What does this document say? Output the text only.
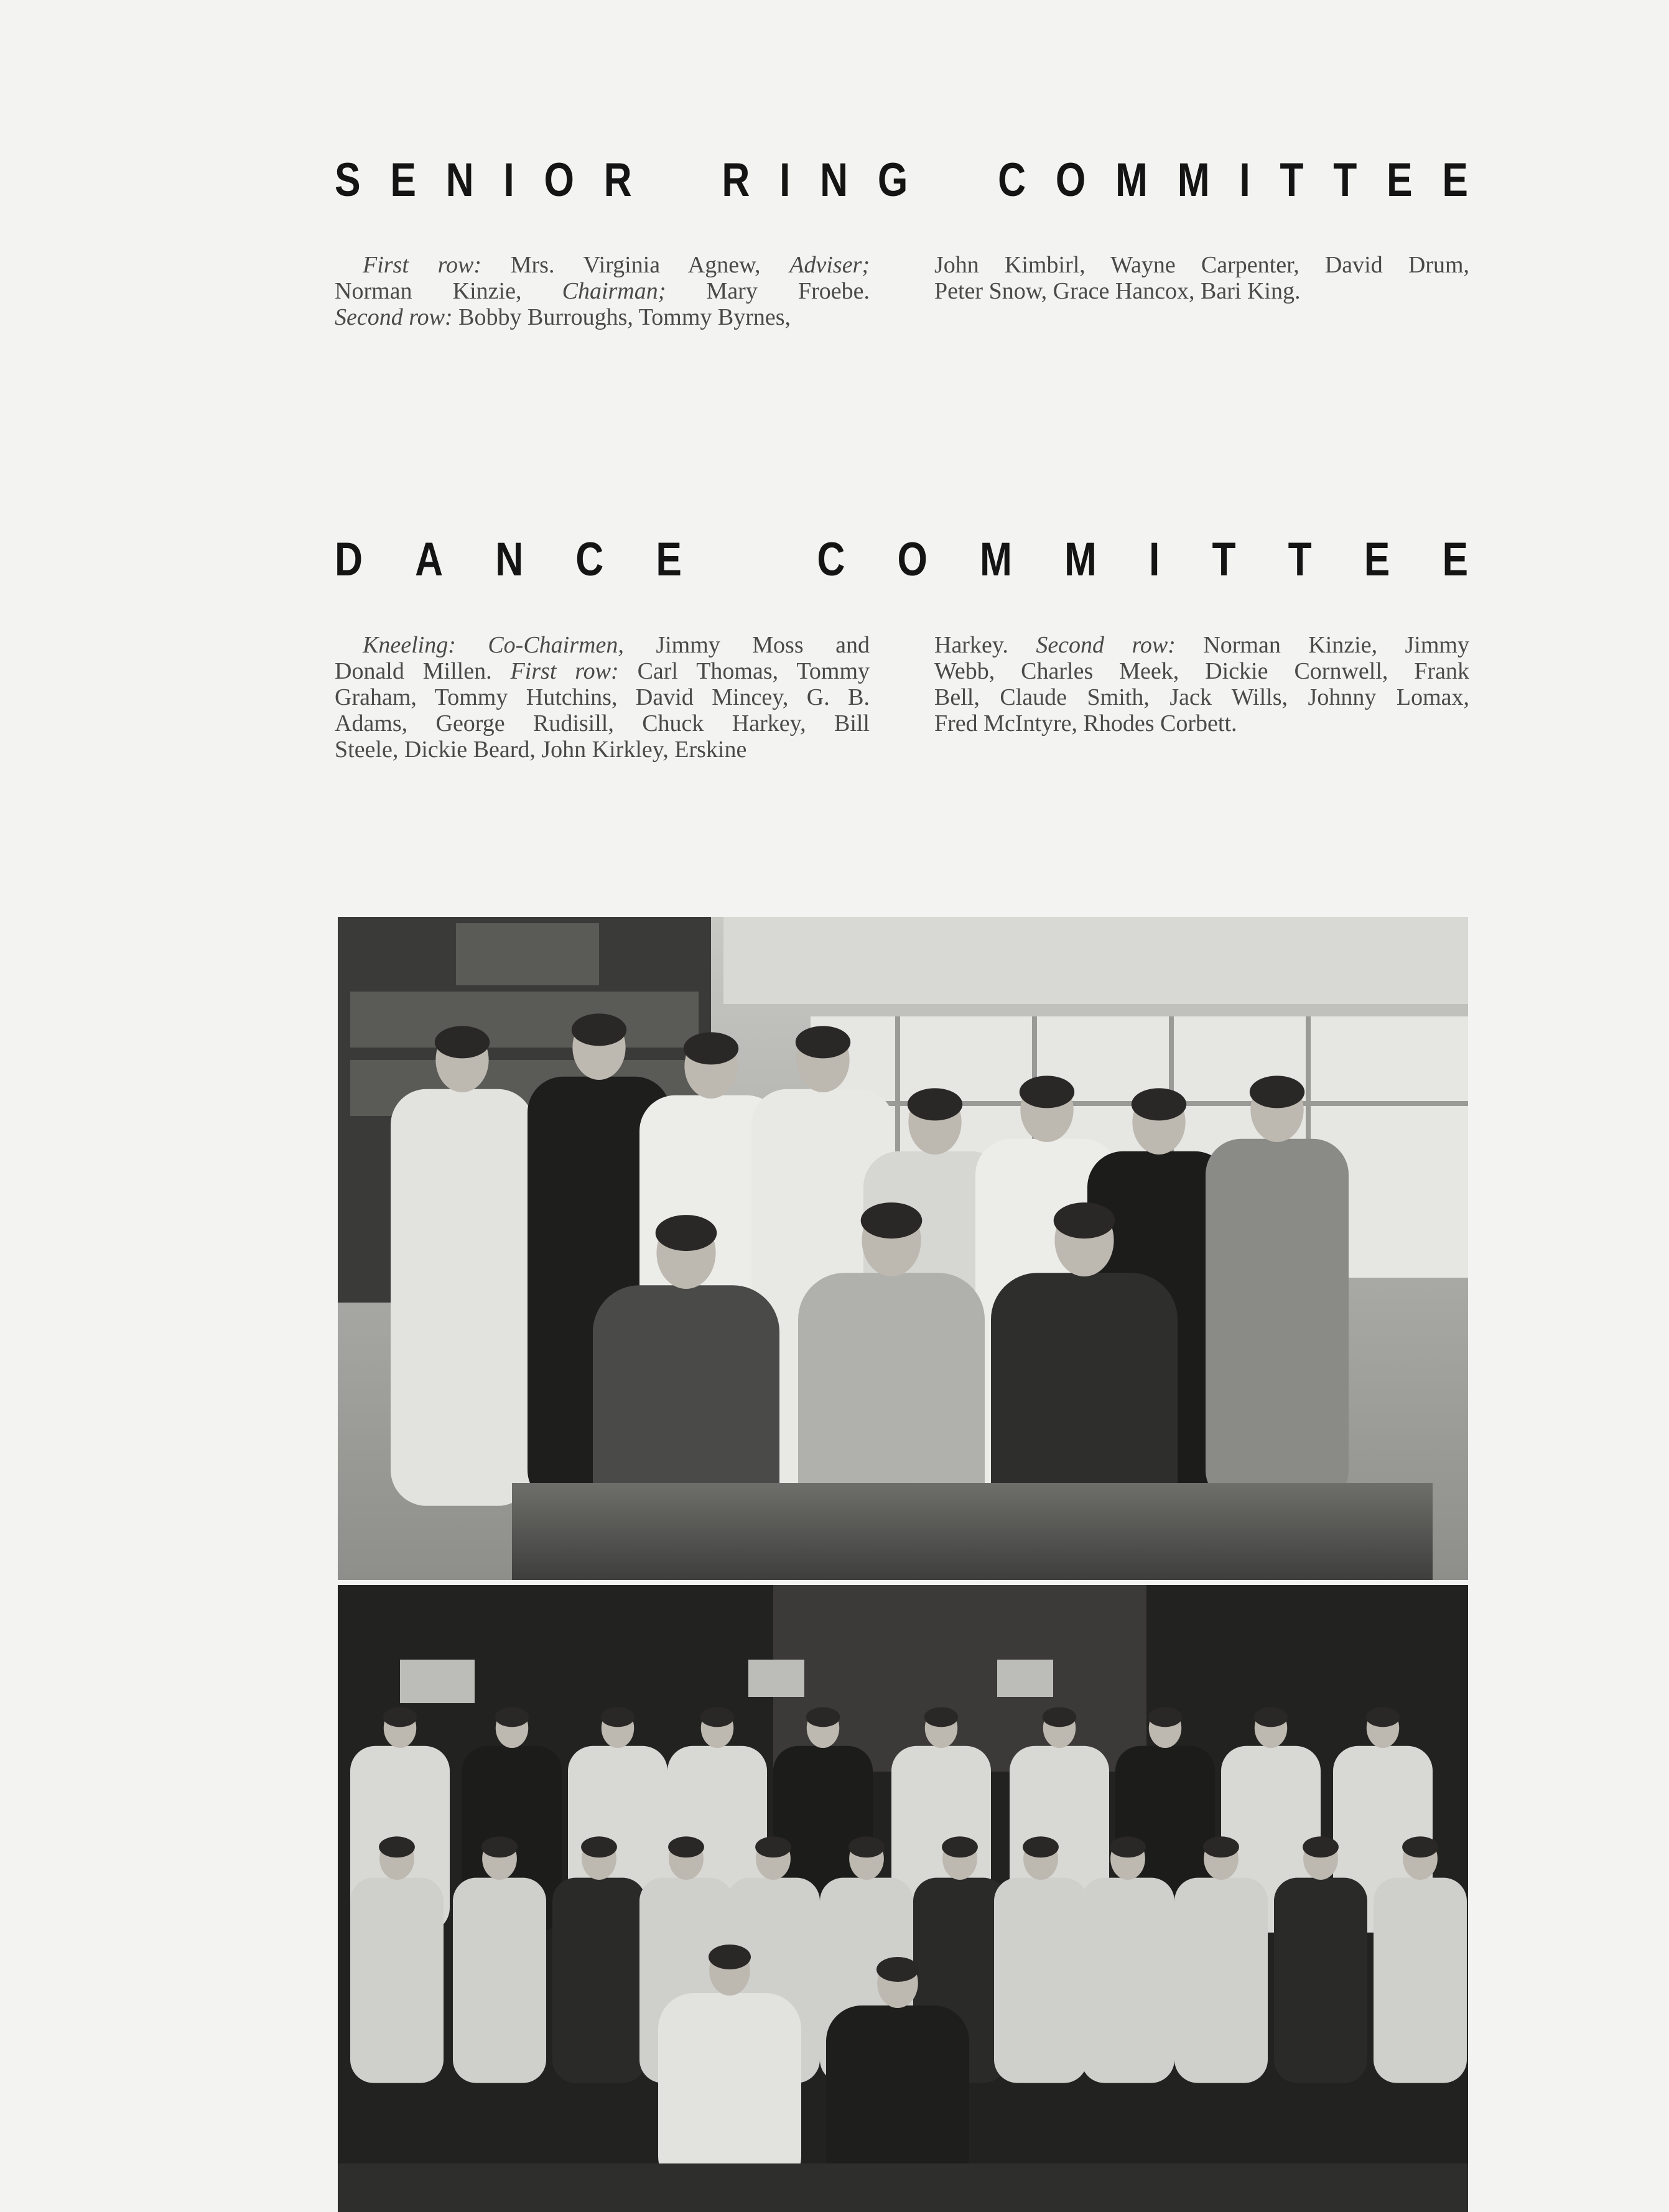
S E N I O R R I N G C O M M I T T E E

First row: Mrs. Virginia Agnew, Adviser;

Norman Kinzie, Chairman; Mary Froebe.

Second row: Bobby Burroughs, Tommy Byrnes,

John Kimbirl, Wayne Carpenter, David Drum,

Peter Snow, Grace Hancox, Bari King.

D A N C E	C O M M I T T E E

Kneeling: Co-Chairmen, Jimmy Moss and

Donald Millen. First row: Carl Thomas, Tommy

Graham, Tommy Hutchins, David Mincey, G. B.

Adams, George Rudisill, Chuck Harkey, Bill

Steele, Dickie Beard, John Kirkley, Erskine

Harkey. Second row: Norman Kinzie, Jimmy

Webb, Charles Meek, Dickie Cornwell, Frank

Bell, Claude Smith, Jack Wills, Johnny Lomax,

Fred McIntyre, Rhodes Corbett.
